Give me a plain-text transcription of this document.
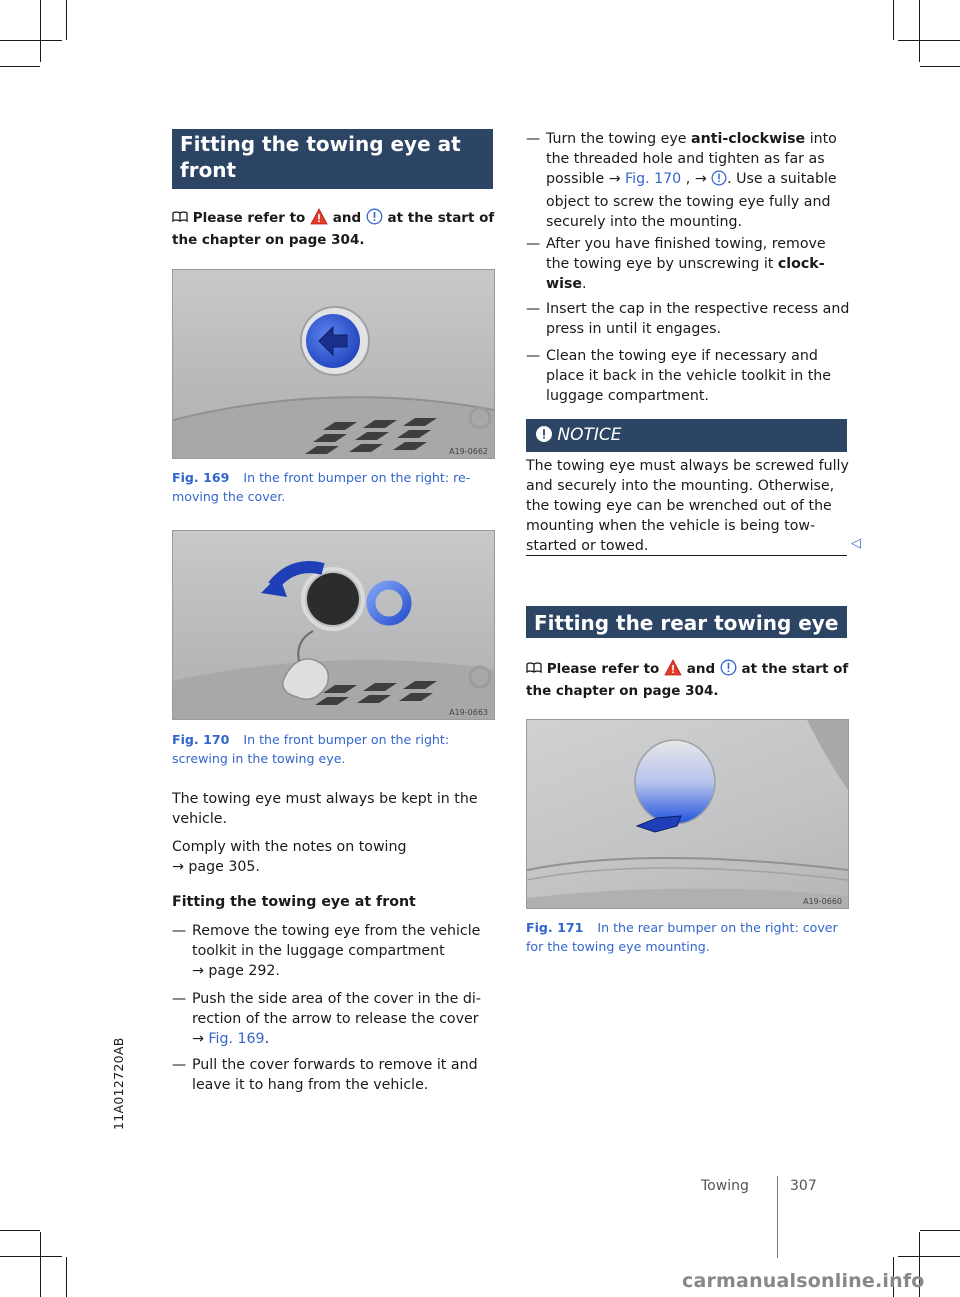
Fitting the towing eye at
front
Please refer to and at the start of
the chapter on page 304.
A19-0662
Fig. 169 In the front bumper on the right: re-
moving the cover.
A19-0663
Fig. 170 In the front bumper on the right:
screwing in the towing eye.
The towing eye must always be kept in the
vehicle.
Comply with the notes on towing
→ page 305.
Fitting the towing eye at front
— Remove the towing eye from the vehicle
toolkit in the luggage compartment
→ page 292.
— Push the side area of the cover in the di-
rection of the arrow to release the cover
→ Fig. 169.
— Pull the cover forwards to remove it and
leave it to hang from the vehicle.
— Turn the towing eye anti-clockwise into
the threaded hole and tighten as far as
possible → Fig. 170 , → . Use a suitable
object to screw the towing eye fully and
securely into the mounting.
— After you have finished towing, remove
the towing eye by unscrewing it clock-
wise.
— Insert the cap in the respective recess and
press in until it engages.
— Clean the towing eye if necessary and
place it back in the vehicle toolkit in the
luggage compartment.
NOTICE
The towing eye must always be screwed fully
and securely into the mounting. Otherwise,
the towing eye can be wrenched out of the
mounting when the vehicle is being tow-
started or towed.	◁
Fitting the rear towing eye
Please refer to and at the start of
the chapter on page 304.
A19-0660
Fig. 171 In the rear bumper on the right: cover
for the towing eye mounting.
11A012720AB
Towing	307
carmanualsonline.info
